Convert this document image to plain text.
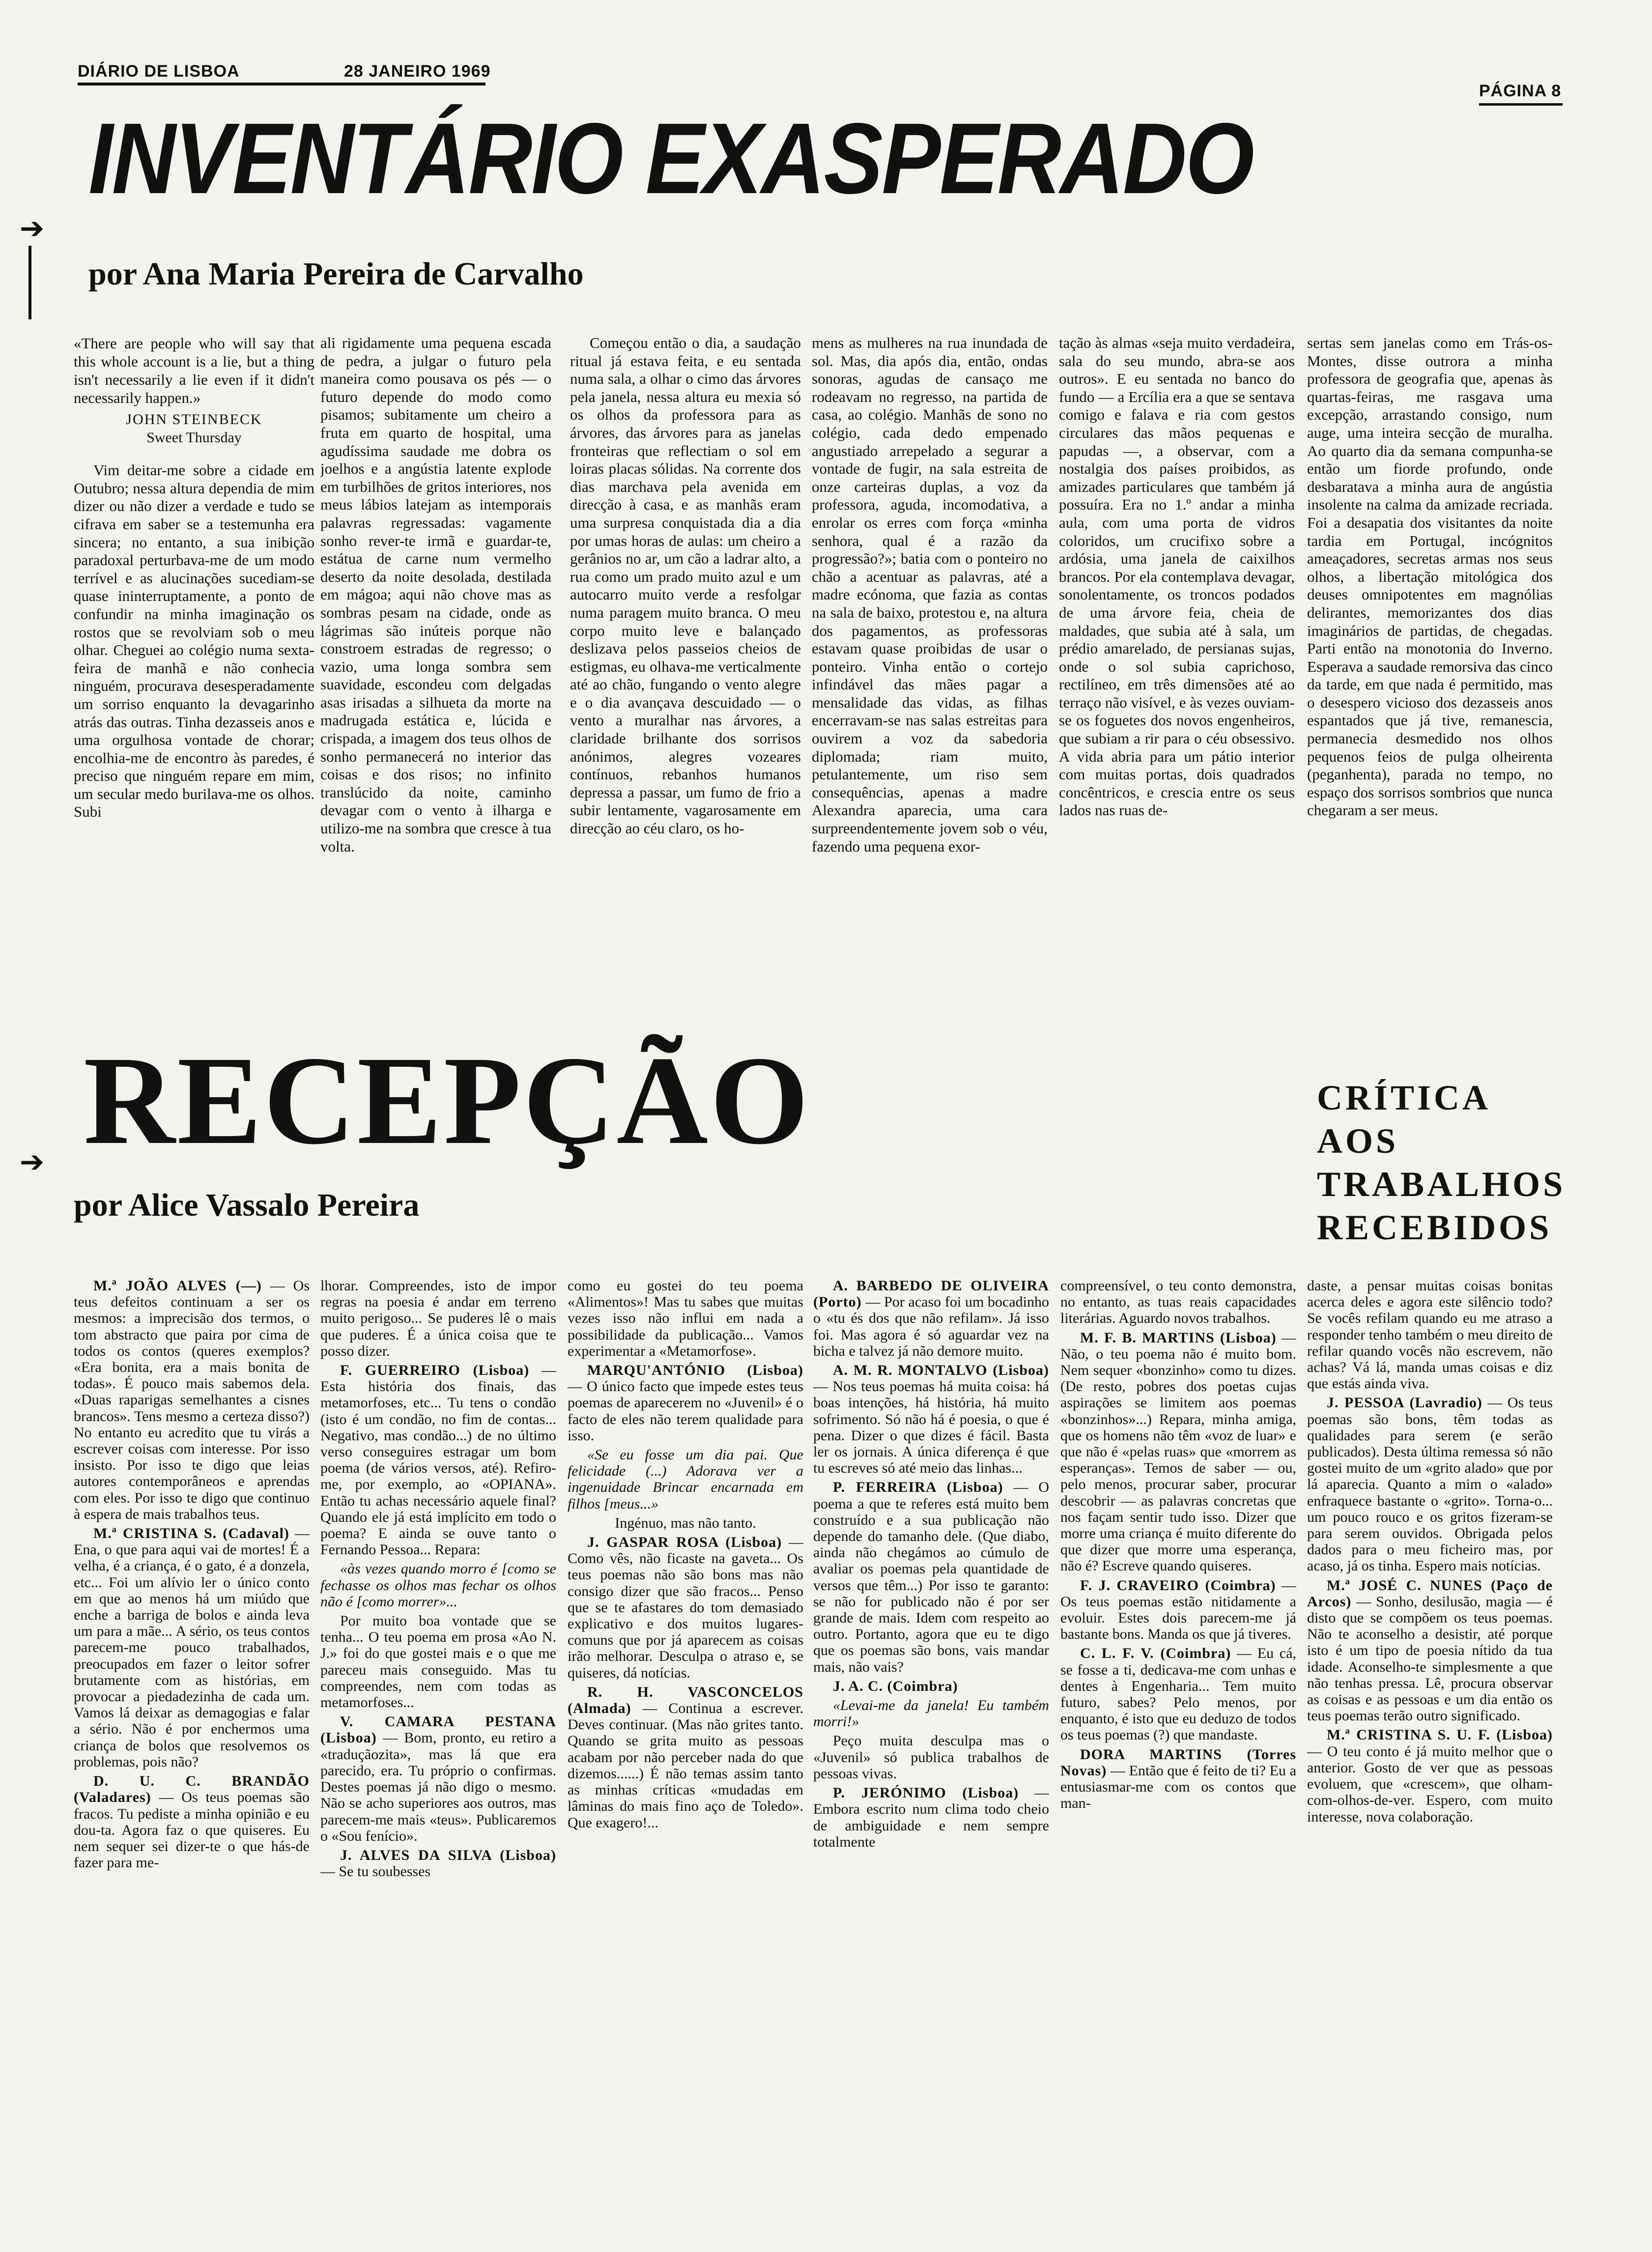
DIÁRIO DE LISBOA	28 JANEIRO 1969
PÁGINA 8
INVENTÁRIO EXASPERADO
➔
por Ana Maria Pereira de Carvalho
«There are people who will say that this whole account is a lie, but a thing isn't necessarily a lie even if it didn't necessarily happen.»
JOHN STEINBECK
Sweet Thursday

Vim deitar-me sobre a cidade em Outubro; nessa altura dependia de mim dizer ou não dizer a verdade e tudo se cifrava em saber se a testemunha era sincera; no entanto, a sua inibição paradoxal perturbava-me de um modo terrível e as alucinações sucediam-se quase ininterruptamente, a ponto de confundir na minha imaginação os rostos que se revolviam sob o meu olhar. Cheguei ao colégio numa sexta-feira de manhã e não conhecia ninguém, procurava desesperadamente um sorriso enquanto la devagarinho atrás das outras. Tinha dezasseis anos e uma orgulhosa vontade de chorar; encolhia-me de encontro às paredes, é preciso que ninguém repare em mim, um secular medo burilava-me os olhos. Subi

ali rigidamente uma pequena escada de pedra, a julgar o futuro pela maneira como pousava os pés — o futuro depende do modo como pisamos; subitamente um cheiro a fruta em quarto de hospital, uma agudíssima saudade me dobra os joelhos e a angústia latente explode em turbilhões de gritos interiores, nos meus lábios latejam as intemporais palavras regressadas: vagamente sonho rever-te irmã e guardar-te, estátua de carne num vermelho deserto da noite desolada, destilada em mágoa; aqui não chove mas as sombras pesam na cidade, onde as lágrimas são inúteis porque não constroem estradas de regresso; o vazio, uma longa sombra sem suavidade, escondeu com delgadas asas irisadas a silhueta da morte na madrugada estática e, lúcida e crispada, a imagem dos teus olhos de sonho permanecerá no interior das coisas e dos risos; no infinito translúcido da noite, caminho devagar com o vento à ilharga e utilizo-me na sombra que cresce à tua volta.

Começou então o dia, a saudação ritual já estava feita, e eu sentada numa sala, a olhar o cimo das árvores pela janela, nessa altura eu mexia só os olhos da professora para as árvores, das árvores para as janelas fronteiras que reflectiam o sol em loiras placas sólidas. Na corrente dos dias marchava pela avenida em direcção à casa, e as manhãs eram uma surpresa conquistada dia a dia por umas horas de aulas: um cheiro a gerânios no ar, um cão a ladrar alto, a rua como um prado muito azul e um autocarro muito verde a resfolgar numa paragem muito branca. O meu corpo muito leve e balançado deslizava pelos passeios cheios de estigmas, eu olhava-me verticalmente até ao chão, fungando o vento alegre e o dia avançava descuidado — o vento a muralhar nas árvores, a claridade brilhante dos sorrisos anónimos, alegres vozeares contínuos, rebanhos humanos depressa a passar, um fumo de frio a subir lentamente, vagarosamente em direcção ao céu claro, os ho-

mens as mulheres na rua inundada de sol. Mas, dia após dia, então, ondas sonoras, agudas de cansaço me rodeavam no regresso, na partida de casa, ao colégio. Manhãs de sono no colégio, cada dedo empenado angustiado arrepelado a segurar a vontade de fugir, na sala estreita de onze carteiras duplas, a voz da professora, aguda, incomodativa, a enrolar os erres com força «minha senhora, qual é a razão da progressão?»; batia com o ponteiro no chão a acentuar as palavras, até a madre ecónoma, que fazia as contas na sala de baixo, protestou e, na altura dos pagamentos, as professoras estavam quase proibidas de usar o ponteiro. Vinha então o cortejo infindável das mães pagar a mensalidade das vidas, as filhas encerravam-se nas salas estreitas para ouvirem a voz da sabedoria diplomada; riam muito, petulantemente, um riso sem consequências, apenas a madre Alexandra aparecia, uma cara surpreendentemente jovem sob o véu, fazendo uma pequena exor-

tação às almas «seja muito verdadeira, sala do seu mundo, abra-se aos outros». E eu sentada no banco do fundo — a Ercília era a que se sentava comigo e falava e ria com gestos circulares das mãos pequenas e papudas —, a observar, com a nostalgia dos países proibidos, as amizades particulares que também já possuíra. Era no 1.º andar a minha aula, com uma porta de vidros coloridos, um crucifixo sobre a ardósia, uma janela de caixilhos brancos. Por ela contemplava devagar, sonolentamente, os troncos podados de uma árvore feia, cheia de maldades, que subia até à sala, um prédio amarelado, de persianas sujas, onde o sol subia caprichoso, rectilíneo, em três dimensões até ao terraço não visível, e às vezes ouviam-se os foguetes dos novos engenheiros, que subiam a rir para o céu obsessivo. A vida abria para um pátio interior com muitas portas, dois quadrados concêntricos, e crescia entre os seus lados nas ruas de-

sertas sem janelas como em Trás-os-Montes, disse outrora a minha professora de geografia que, apenas às quartas-feiras, me rasgava uma excepção, arrastando consigo, num auge, uma inteira secção de muralha. Ao quarto dia da semana compunha-se então um fiorde profundo, onde desbaratava a minha aura de angústia insolente na calma da amizade recriada. Foi a desapatia dos visitantes da noite tardia em Portugal, incógnitos ameaçadores, secretas armas nos seus olhos, a libertação mitológica dos deuses omnipotentes em magnólias delirantes, memorizantes dos dias imaginários de partidas, de chegadas. Parti então na monotonia do Inverno. Esperava a saudade remorsiva das cinco da tarde, em que nada é permitido, mas o desespero vicioso dos dezasseis anos espantados que já tive, remanescia, permanecia desmedido nos olhos pequenos feios de pulga olheirenta (peganhenta), parada no tempo, no espaço dos sorrisos sombrios que nunca chegaram a ser meus.

RECEPÇÃO
➔
por Alice Vassalo Pereira
CRÍTICA
AOS
TRABALHOS
RECEBIDOS

M.ª JOÃO ALVES (—) — Os teus defeitos continuam a ser os mesmos: a imprecisão dos termos, o tom abstracto que paira por cima de todos os contos (queres exemplos? «Era bonita, era a mais bonita de todas». É pouco mais sabemos dela. «Duas raparigas semelhantes a cisnes brancos». Tens mesmo a certeza disso?) No entanto eu acredito que tu virás a escrever coisas com interesse. Por isso insisto. Por isso te digo que leias autores contemporâneos e aprendas com eles. Por isso te digo que continuo à espera de mais trabalhos teus.

M.ª CRISTINA S. (Cadaval) — Ena, o que para aqui vai de mortes! É a velha, é a criança, é o gato, é a donzela, etc... Foi um alívio ler o único conto em que ao menos há um miúdo que enche a barriga de bolos e ainda leva um para a mãe... A sério, os teus contos parecem-me pouco trabalhados, preocupados em fazer o leitor sofrer brutamente com as histórias, em provocar a piedadezinha de cada um. Vamos lá deixar as demagogias e falar a sério. Não é por enchermos uma criança de bolos que resolvemos os problemas, pois não?

D. U. C. BRANDÃO (Valadares) — Os teus poemas são fracos. Tu pediste a minha opinião e eu dou-ta. Agora faz o que quiseres. Eu nem sequer sei dizer-te o que hás-de fazer para me-

lhorar. Compreendes, isto de impor regras na poesia é andar em terreno muito perigoso... Se puderes lê o mais que puderes. É a única coisa que te posso dizer.

F. GUERREIRO (Lisboa) — Esta história dos finais, das metamorfoses, etc... Tu tens o condão (isto é um condão, no fim de contas... Negativo, mas condão...) de no último verso conseguires estragar um bom poema (de vários versos, até). Refiro-me, por exemplo, ao «OPIANA». Então tu achas necessário aquele final? Quando ele já está implícito em todo o poema? E ainda se ouve tanto o Fernando Pessoa... Repara:

«às vezes quando morro é [como se fechasse os olhos mas fechar os olhos não é [como morrer»...

Por muito boa vontade que se tenha... O teu poema em prosa «Ao N. J.» foi do que gostei mais e o que me pareceu mais conseguido. Mas tu compreendes, nem com todas as metamorfoses...

V. CAMARA PESTANA (Lisboa) — Bom, pronto, eu retiro a «traduçãozita», mas lá que era parecido, era. Tu próprio o confirmas. Destes poemas já não digo o mesmo. Não se acho superiores aos outros, mas parecem-me mais «teus». Publicaremos o «Sou fenício».

J. ALVES DA SILVA (Lisboa) — Se tu soubesses

como eu gostei do teu poema «Alimentos»! Mas tu sabes que muitas vezes isso não influi em nada a possibilidade da publicação... Vamos experimentar a «Metamorfose».

MARQU'ANTÓNIO (Lisboa) — O único facto que impede estes teus poemas de aparecerem no «Juvenil» é o facto de eles não terem qualidade para isso.

«Se eu fosse um dia pai. Que felicidade (...) Adorava ver a ingenuidade Brincar encarnada em filhos [meus...»

Ingénuo, mas não tanto.

J. GASPAR ROSA (Lisboa) — Como vês, não ficaste na gaveta... Os teus poemas não são bons mas não consigo dizer que são fracos... Penso que se te afastares do tom demasiado explicativo e dos muitos lugares-comuns que por já aparecem as coisas irão melhorar. Desculpa o atraso e, se quiseres, dá notícias.

R. H. VASCONCELOS (Almada) — Continua a escrever. Deves continuar. (Mas não grites tanto. Quando se grita muito as pessoas acabam por não perceber nada do que dizemos......) É não temas assim tanto as minhas críticas «mudadas em lâminas do mais fino aço de Toledo». Que exagero!...

A. BARBEDO DE OLIVEIRA (Porto) — Por acaso foi um bocadinho o «tu és dos que não refilam». Já isso foi. Mas agora é só aguardar vez na bicha e talvez já não demore muito.

A. M. R. MONTALVO (Lisboa) — Nos teus poemas há muita coisa: há boas intenções, há história, há muito sofrimento. Só não há é poesia, o que é pena. Dizer o que dizes é fácil. Basta ler os jornais. A única diferença é que tu escreves só até meio das linhas...

P. FERREIRA (Lisboa) — O poema a que te referes está muito bem construído e a sua publicação não depende do tamanho dele. (Que diabo, ainda não chegámos ao cúmulo de avaliar os poemas pela quantidade de versos que têm...) Por isso te garanto: se não for publicado não é por ser grande de mais. Idem com respeito ao outro. Portanto, agora que eu te digo que os poemas são bons, vais mandar mais, não vais?

J. A. C. (Coimbra)

«Levai-me da janela! Eu também morri!»

Peço muita desculpa mas o «Juvenil» só publica trabalhos de pessoas vivas.

P. JERÓNIMO (Lisboa) — Embora escrito num clima todo cheio de ambiguidade e nem sempre totalmente

compreensível, o teu conto demonstra, no entanto, as tuas reais capacidades literárias. Aguardo novos trabalhos.

M. F. B. MARTINS (Lisboa) — Não, o teu poema não é muito bom. Nem sequer «bonzinho» como tu dizes. (De resto, pobres dos poetas cujas aspirações se limitem aos poemas «bonzinhos»...) Repara, minha amiga, que os homens não têm «voz de luar» e que não é «pelas ruas» que «morrem as esperanças». Temos de saber — ou, pelo menos, procurar saber, procurar descobrir — as palavras concretas que nos façam sentir tudo isso. Dizer que morre uma criança é muito diferente do que dizer que morre uma esperança, não é? Escreve quando quiseres.

F. J. CRAVEIRO (Coimbra) — Os teus poemas estão nitidamente a evoluir. Estes dois parecem-me já bastante bons. Manda os que já tiveres.

C. L. F. V. (Coimbra) — Eu cá, se fosse a ti, dedicava-me com unhas e dentes à Engenharia... Tem muito futuro, sabes? Pelo menos, por enquanto, é isto que eu deduzo de todos os teus poemas (?) que mandaste.

DORA MARTINS (Torres Novas) — Então que é feito de ti? Eu a entusiasmar-me com os contos que man-

daste, a pensar muitas coisas bonitas acerca deles e agora este silêncio todo? Se vocês refilam quando eu me atraso a responder tenho também o meu direito de refilar quando vocês não escrevem, não achas? Vá lá, manda umas coisas e diz que estás ainda viva.

J. PESSOA (Lavradio) — Os teus poemas são bons, têm todas as qualidades para serem (e serão publicados). Desta última remessa só não gostei muito de um «grito alado» que por lá aparecia. Quanto a mim o «alado» enfraquece bastante o «grito». Torna-o... um pouco rouco e os gritos fizeram-se para serem ouvidos. Obrigada pelos dados para o meu ficheiro mas, por acaso, já os tinha. Espero mais notícias.

M.ª JOSÉ C. NUNES (Paço de Arcos) — Sonho, desilusão, magia — é disto que se compõem os teus poemas. Não te aconselho a desistir, até porque isto é um tipo de poesia nítido da tua idade. Aconselho-te simplesmente a que não tenhas pressa. Lê, procura observar as coisas e as pessoas e um dia então os teus poemas terão outro significado.

M.ª CRISTINA S. U. F. (Lisboa) — O teu conto é já muito melhor que o anterior. Gosto de ver que as pessoas evoluem, que «crescem», que olham-com-olhos-de-ver. Espero, com muito interesse, nova colaboração.
